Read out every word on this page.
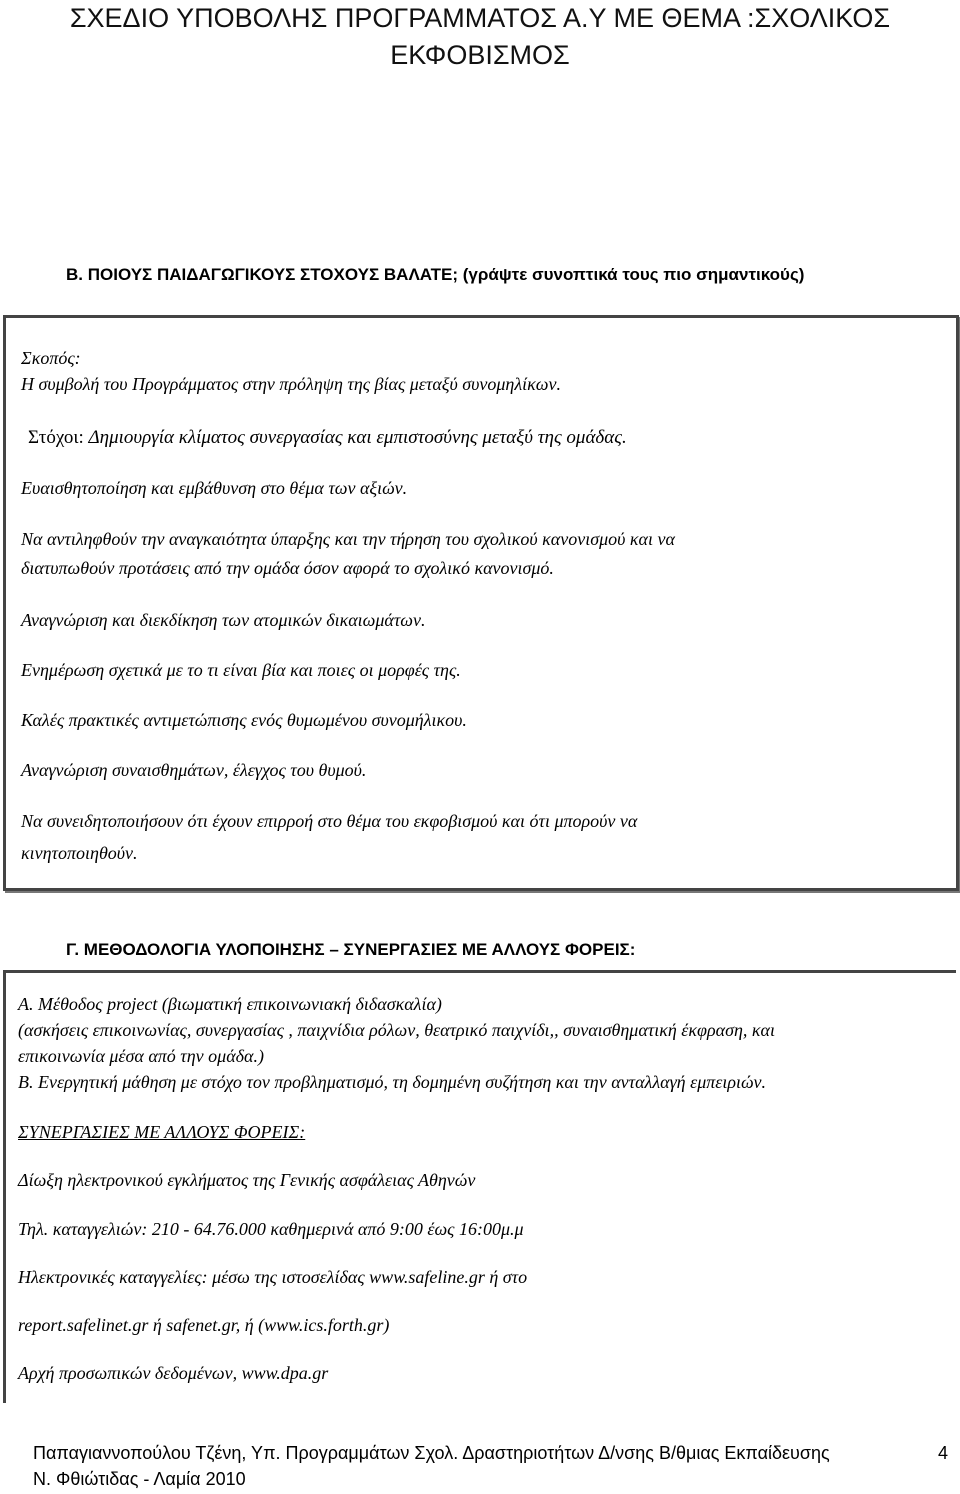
ΣΧΕΔΙΟ ΥΠΟΒΟΛΗΣ ΠΡΟΓΡΑΜΜΑΤΟΣ Α.Υ ΜΕ ΘΕΜΑ :ΣΧΟΛΙΚΟΣ
ΕΚΦΟΒΙΣΜΟΣ
Β. ΠΟΙΟΥΣ ΠΑΙΔΑΓΩΓΙΚΟΥΣ ΣΤΟΧΟΥΣ ΒΑΛΑΤΕ; (γράψτε συνοπτικά τους πιο σημαντικούς)
Σκοπός:
Η συμβολή του Προγράμματος στην πρόληψη της βίας μεταξύ συνομηλίκων.
Στόχοι: Δημιουργία κλίματος συνεργασίας και εμπιστοσύνης μεταξύ της ομάδας.
Ευαισθητοποίηση και εμβάθυνση στο θέμα των αξιών.
Να αντιληφθούν την αναγκαιότητα ύπαρξης και την τήρηση του σχολικού κανονισμού και να
διατυπωθούν προτάσεις από την ομάδα όσον αφορά το σχολικό κανονισμό.
Αναγνώριση και διεκδίκηση των ατομικών δικαιωμάτων.
Ενημέρωση σχετικά με το τι είναι βία και ποιες οι μορφές της.
Καλές πρακτικές αντιμετώπισης ενός θυμωμένου συνομήλικου.
Αναγνώριση συναισθημάτων, έλεγχος του θυμού.
Να συνειδητοποιήσουν ότι έχουν επιρροή στο θέμα του εκφοβισμού και ότι μπορούν να
κινητοποιηθούν.
Γ. ΜΕΘΟΔΟΛΟΓΙΑ ΥΛΟΠΟΙΗΣΗΣ – ΣΥΝΕΡΓΑΣΙΕΣ ΜΕ ΑΛΛΟΥΣ ΦΟΡΕΙΣ:
Α. Μέθοδος project (βιωματική επικοινωνιακή διδασκαλία)
(ασκήσεις επικοινωνίας, συνεργασίας , παιχνίδια ρόλων, θεατρικό παιχνίδι,, συναισθηματική έκφραση, και
επικοινωνία μέσα από την ομάδα.)
Β. Ενεργητική μάθηση με στόχο τον προβληματισμό, τη δομημένη συζήτηση και την ανταλλαγή εμπειριών.
ΣΥΝΕΡΓΑΣΙΕΣ ΜΕ ΑΛΛΟΥΣ ΦΟΡΕΙΣ:
Δίωξη ηλεκτρονικού εγκλήματος της Γενικής ασφάλειας Αθηνών
Τηλ. καταγγελιών: 210 - 64.76.000 καθημερινά από 9:00 έως 16:00μ.μ
Ηλεκτρονικές καταγγελίες: μέσω της ιστοσελίδας www.safeline.gr ή στο
report.safelinet.gr ή safenet.gr, ή (www.ics.forth.gr)
Αρχή προσωπικών δεδομένων, www.dpa.gr
Παπαγιαννοπούλου Τζένη, Υπ. Προγραμμάτων Σχολ. Δραστηριοτήτων Δ/νσης Β/θμιας Εκπαίδευσης	4
Ν. Φθιώτιδας - Λαμία 2010
